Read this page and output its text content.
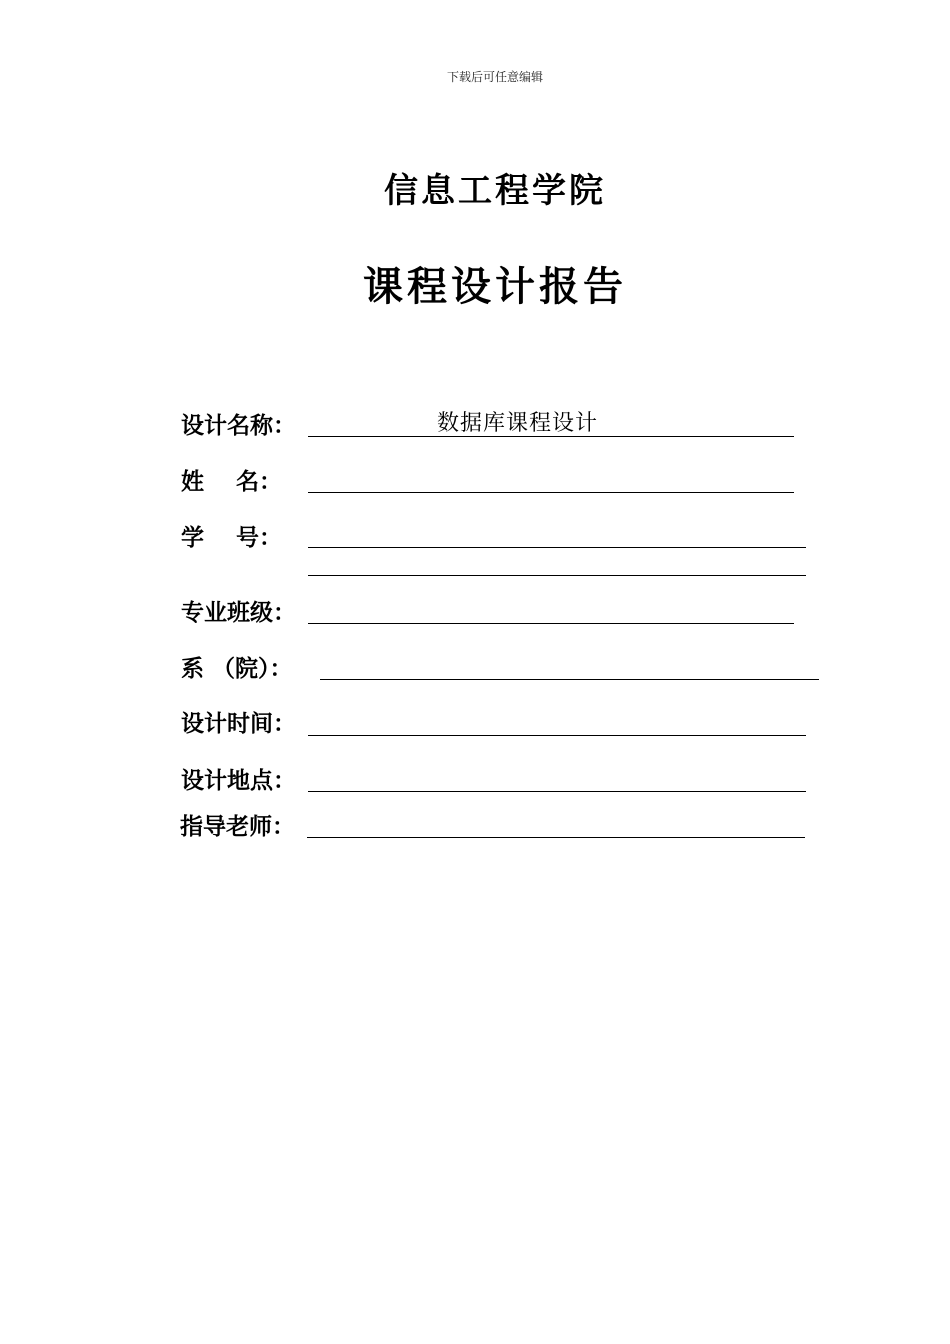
下载后可任意编辑
信息工程学院
课程设计报告
设计名称：	数据库课程设计
姓    名：
学    号：
专业班级：
系 （院）：
设计时间：
设计地点：
指导老师：
